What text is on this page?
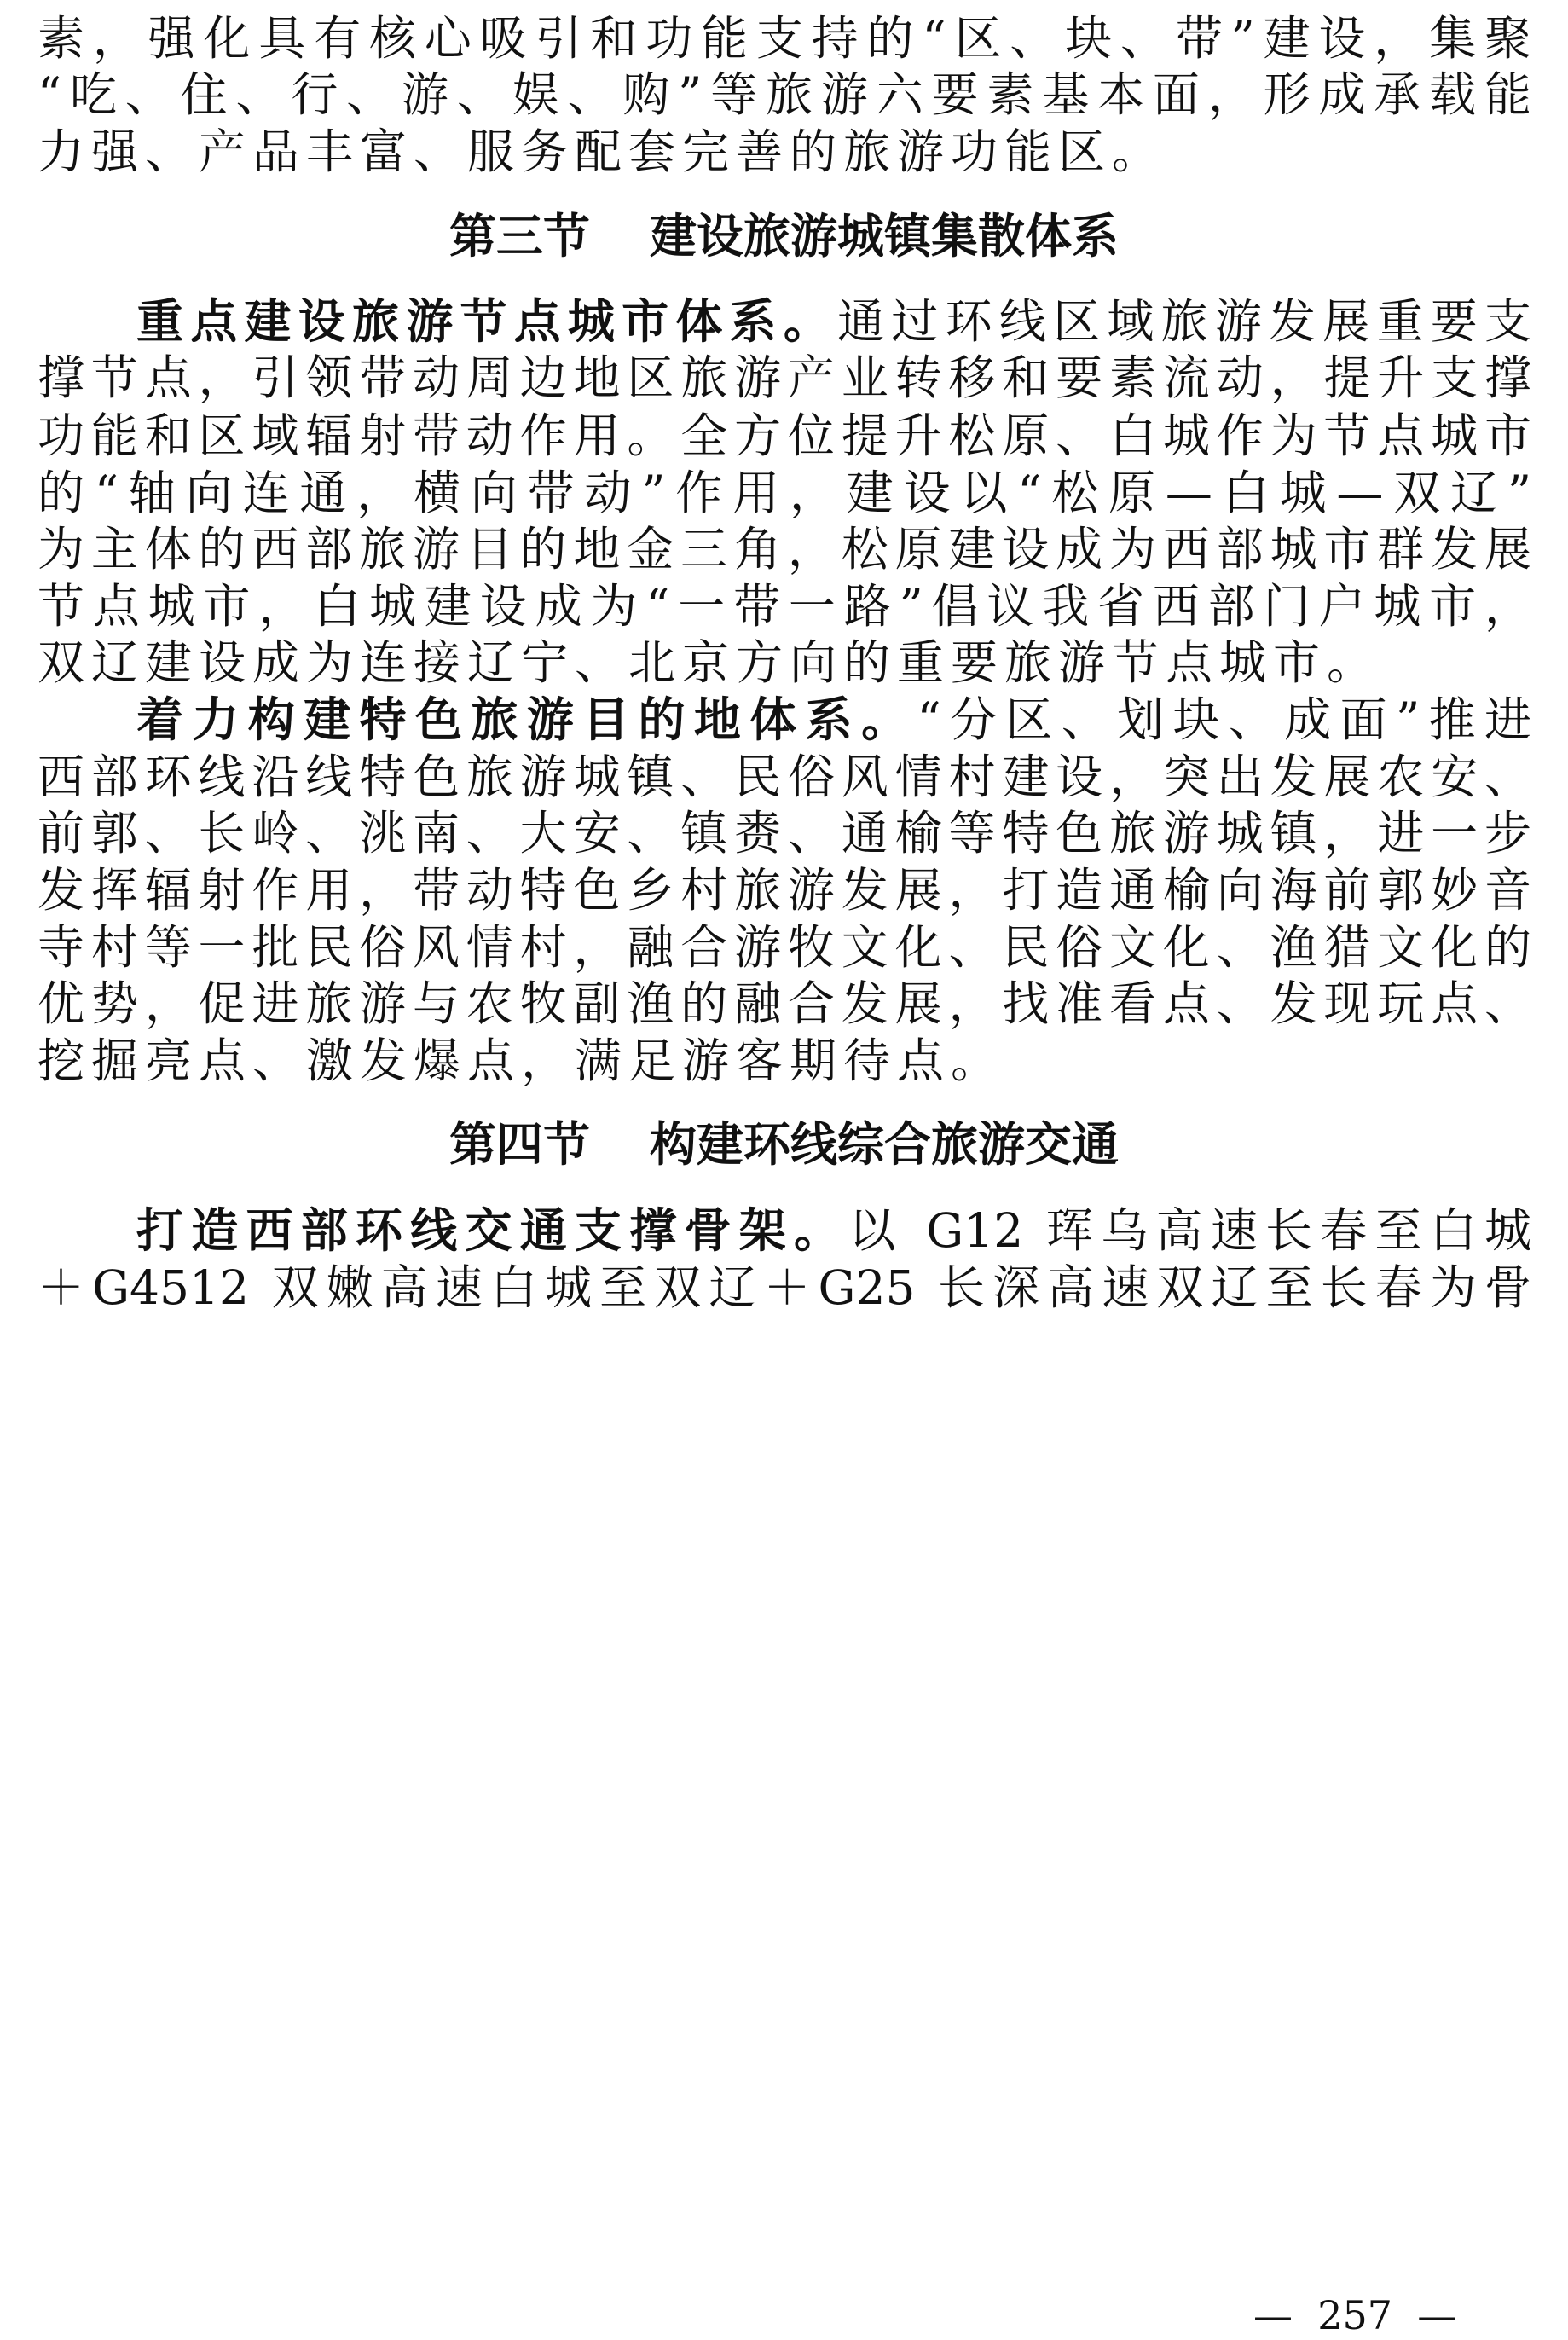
素，强化具有核心吸引和功能支持的“区、块、带”建设，集聚
“吃、住、行、游、娱、购”等旅游六要素基本面，形成承载能
力强、产品丰富、服务配套完善的旅游功能区。
第三节 建设旅游城镇集散体系
重点建设旅游节点城市体系。通过环线区域旅游发展重要支
撑节点，引领带动周边地区旅游产业转移和要素流动，提升支撑
功能和区域辐射带动作用。全方位提升松原、白城作为节点城市
的“轴向连通，横向带动”作用，建设以“松原—白城—双辽”
为主体的西部旅游目的地金三角，松原建设成为西部城市群发展
节点城市，白城建设成为“一带一路”倡议我省西部门户城市，
双辽建设成为连接辽宁、北京方向的重要旅游节点城市。
着力构建特色旅游目的地体系。“分区、划块、成面”推进
西部环线沿线特色旅游城镇、民俗风情村建设，突出发展农安、
前郭、长岭、洮南、大安、镇赉、通榆等特色旅游城镇，进一步
发挥辐射作用，带动特色乡村旅游发展，打造通榆向海前郭妙音
寺村等一批民俗风情村，融合游牧文化、民俗文化、渔猎文化的
优势，促进旅游与农牧副渔的融合发展，找准看点、发现玩点、
挖掘亮点、激发爆点，满足游客期待点。
第四节 构建环线综合旅游交通
打造西部环线交通支撑骨架。以 G12 珲乌高速长春至白城
＋G4512 双嫩高速白城至双辽＋G25 长深高速双辽至长春为骨
—  257  —
